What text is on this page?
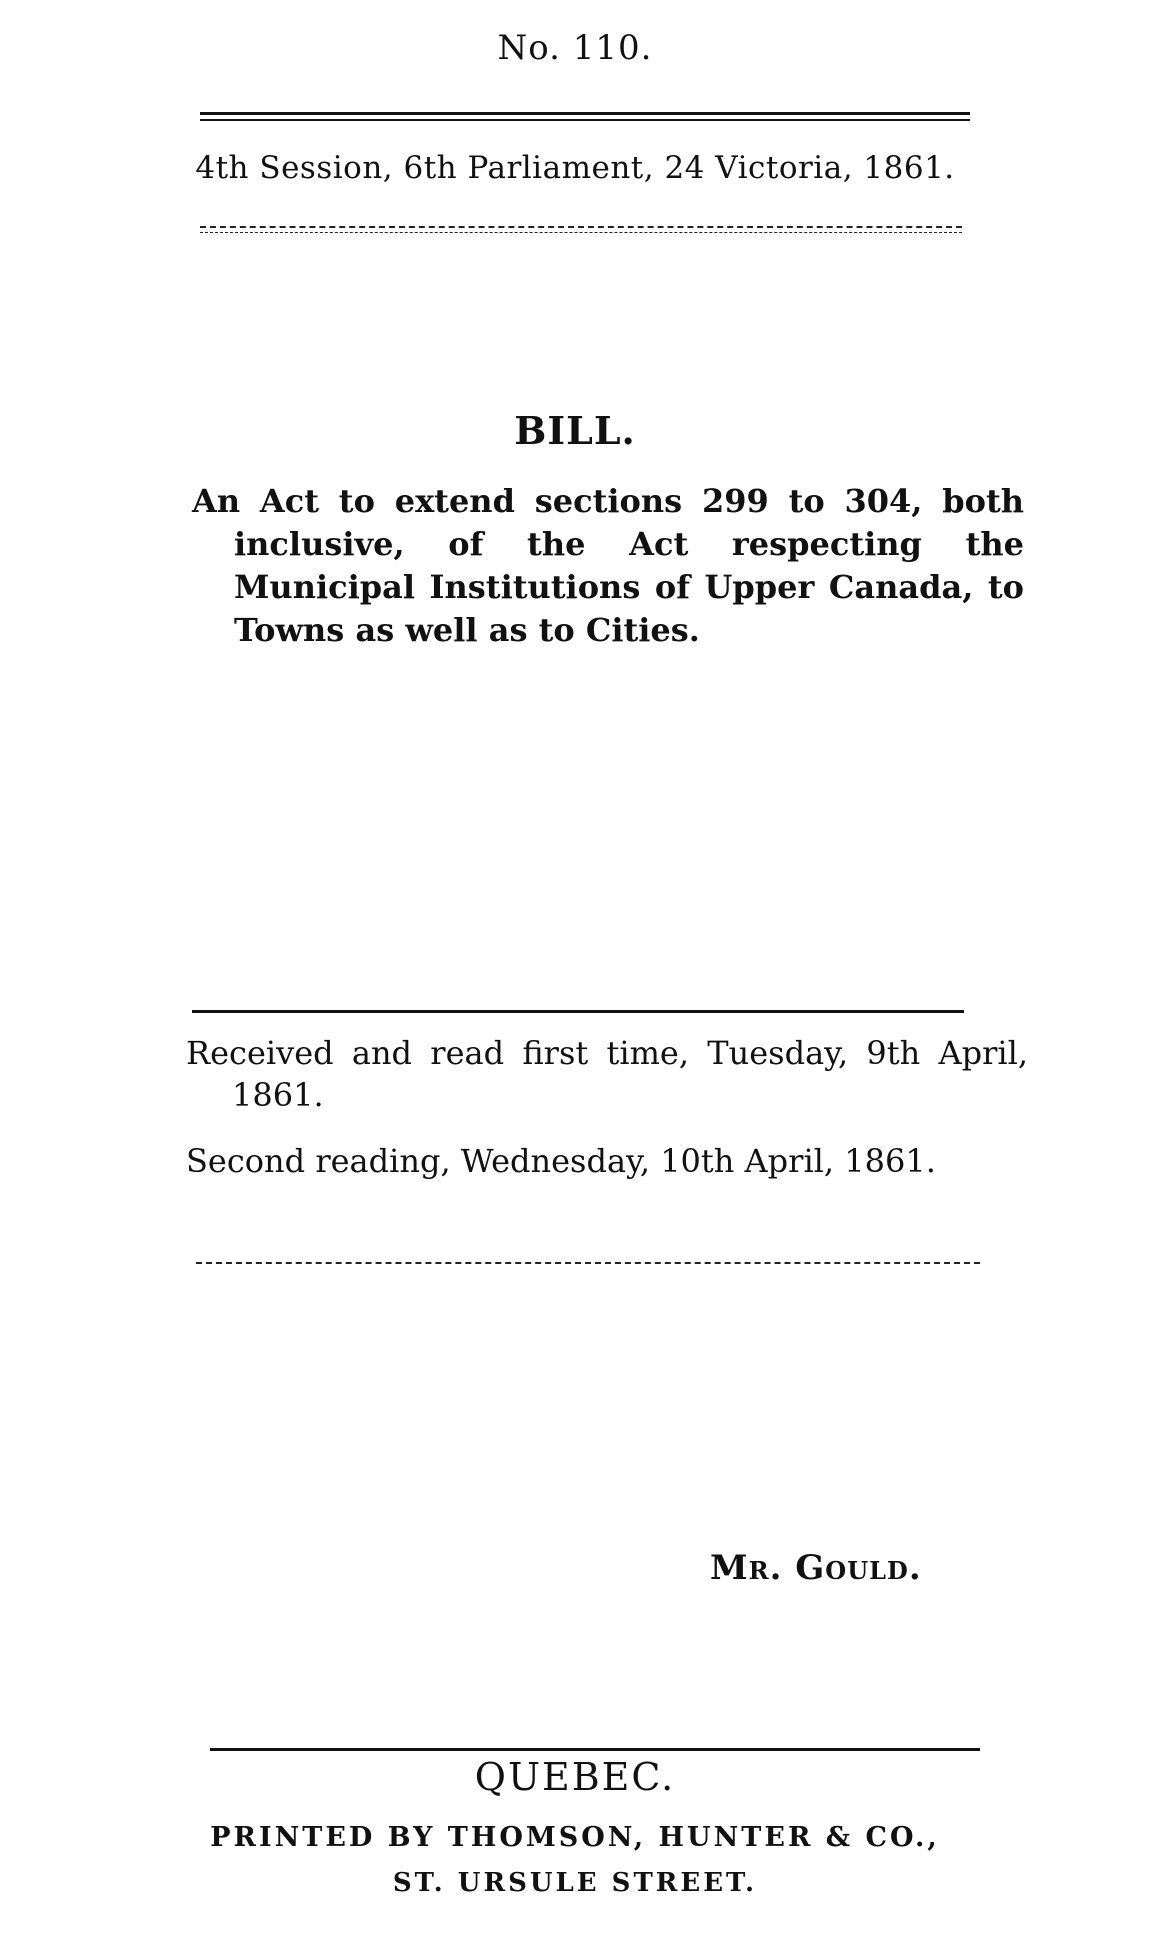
No. 110.
4th Session, 6th Parliament, 24 Victoria, 1861.
BILL.
An Act to extend sections 299 to 304, both inclusive, of the Act respecting the Municipal Institutions of Upper Canada, to Towns as well as to Cities.
Received and read first time, Tuesday, 9th April, 1861.
Second reading, Wednesday, 10th April, 1861.
Mr. Gould.
QUEBEC.
PRINTED BY THOMSON, HUNTER & CO.,
ST. URSULE STREET.
